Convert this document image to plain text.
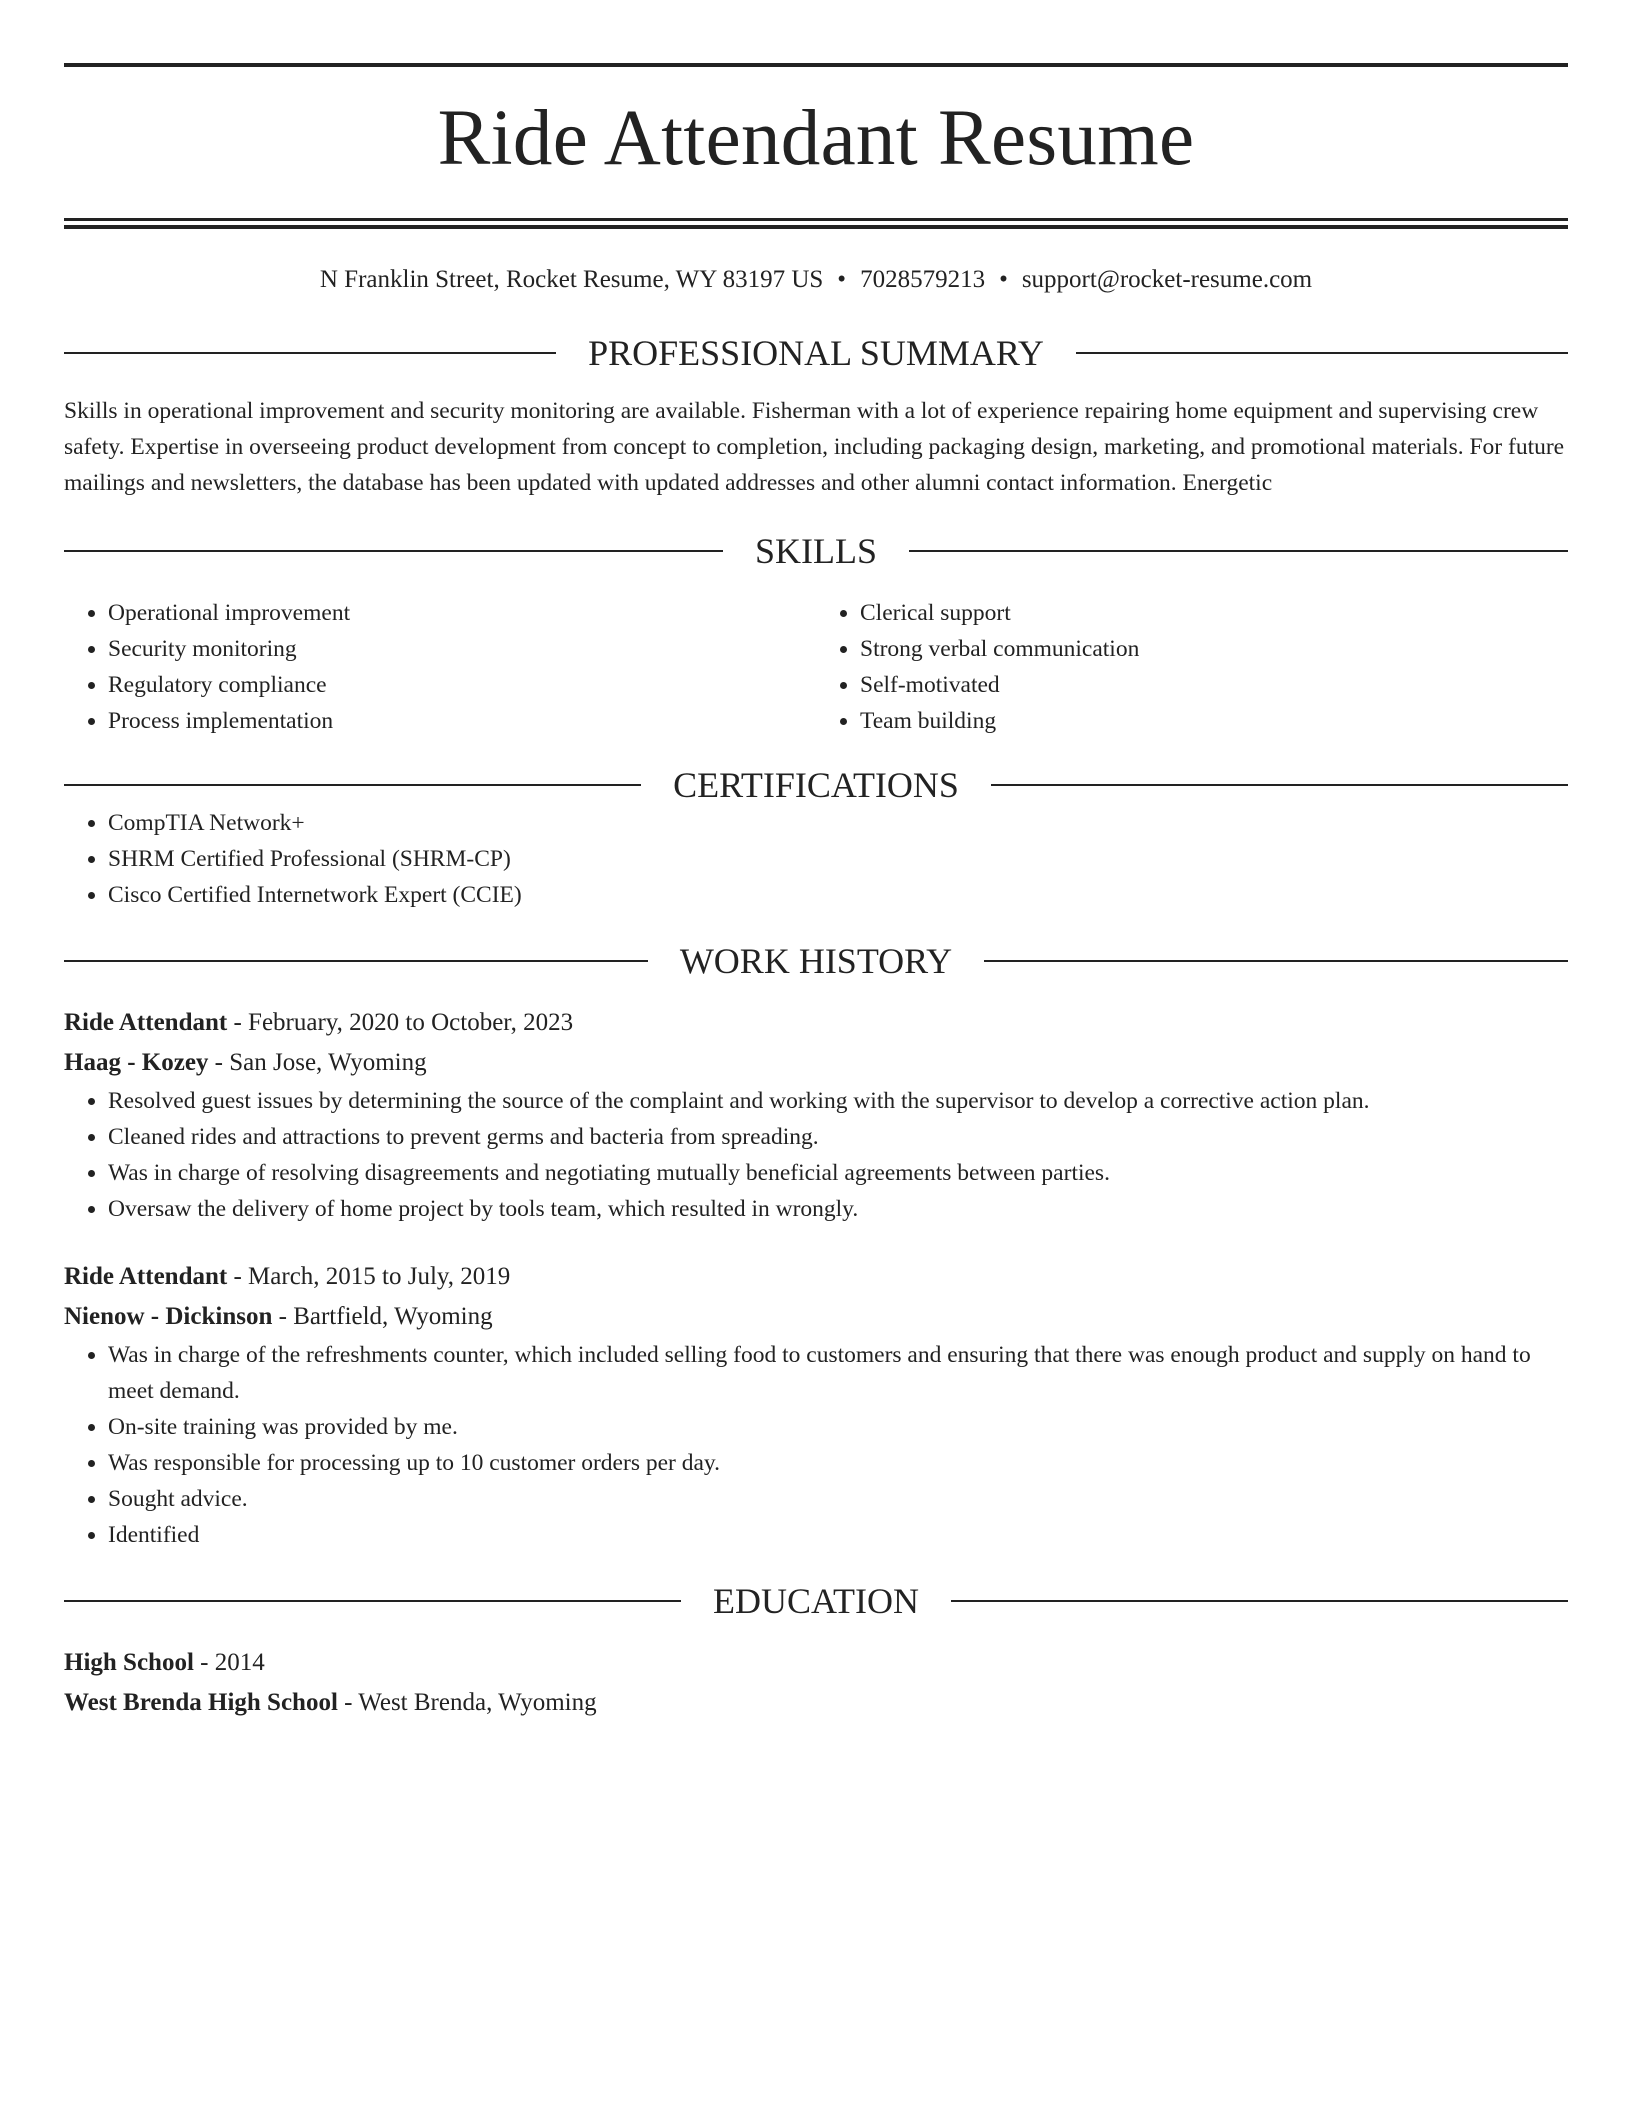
Ride Attendant Resume
N Franklin Street, Rocket Resume, WY 83197 US • 7028579213 • support@rocket-resume.com
PROFESSIONAL SUMMARY
Skills in operational improvement and security monitoring are available. Fisherman with a lot of experience repairing home equipment and supervising crew safety. Expertise in overseeing product development from concept to completion, including packaging design, marketing, and promotional materials. For future mailings and newsletters, the database has been updated with updated addresses and other alumni contact information. Energetic
SKILLS
• Operational improvement
• Security monitoring
• Regulatory compliance
• Process implementation
• Clerical support
• Strong verbal communication
• Self-motivated
• Team building
CERTIFICATIONS
• CompTIA Network+
• SHRM Certified Professional (SHRM-CP)
• Cisco Certified Internetwork Expert (CCIE)
WORK HISTORY
Ride Attendant - February, 2020 to October, 2023
Haag - Kozey - San Jose, Wyoming
• Resolved guest issues by determining the source of the complaint and working with the supervisor to develop a corrective action plan.
• Cleaned rides and attractions to prevent germs and bacteria from spreading.
• Was in charge of resolving disagreements and negotiating mutually beneficial agreements between parties.
• Oversaw the delivery of home project by tools team, which resulted in wrongly.
Ride Attendant - March, 2015 to July, 2019
Nienow - Dickinson - Bartfield, Wyoming
• Was in charge of the refreshments counter, which included selling food to customers and ensuring that there was enough product and supply on hand to meet demand.
• On-site training was provided by me.
• Was responsible for processing up to 10 customer orders per day.
• Sought advice.
• Identified
EDUCATION
High School - 2014
West Brenda High School - West Brenda, Wyoming
